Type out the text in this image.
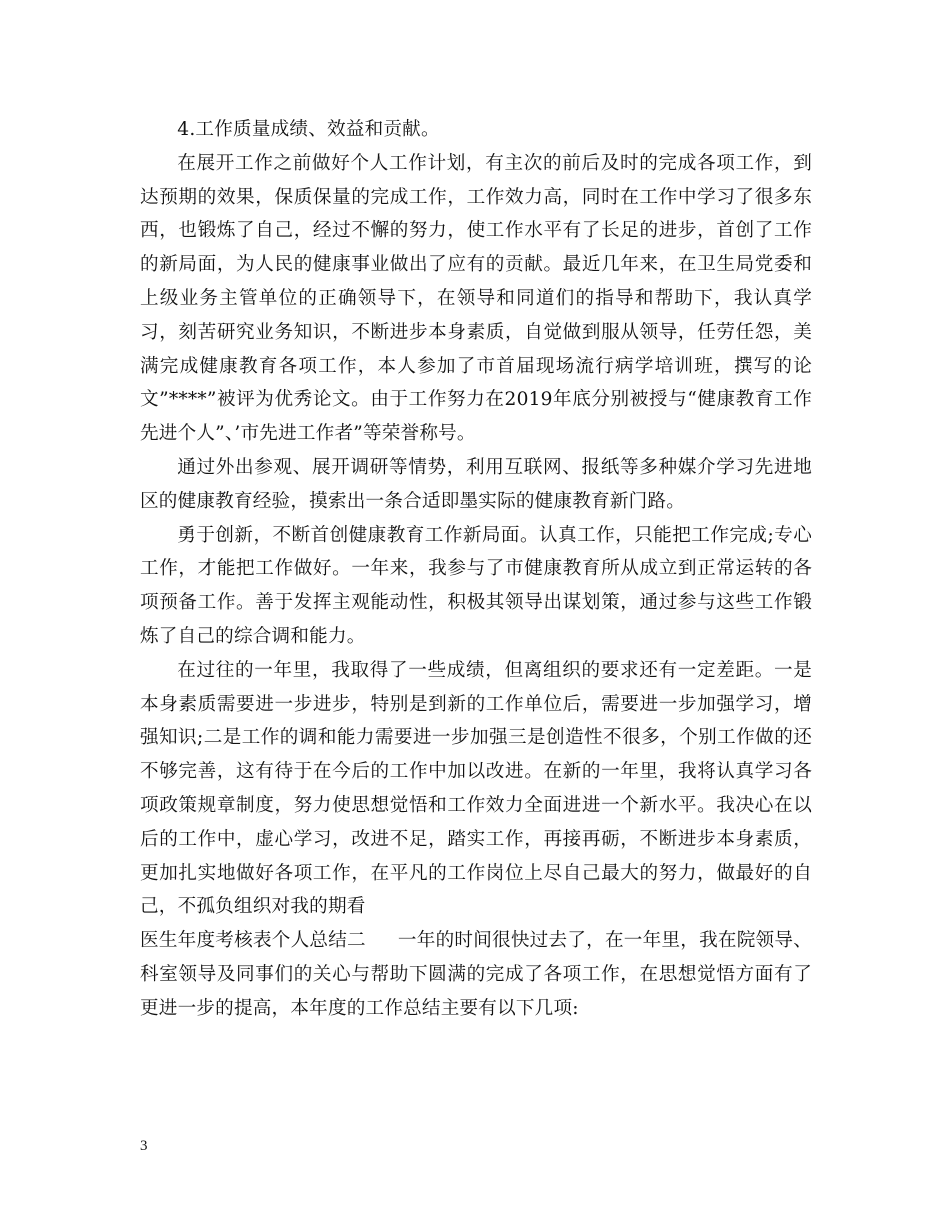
4.工作质量成绩、效益和贡献。

在展开工作之前做好个人工作计划，有主次的前后及时的完成各项工作，到达预期的效果，保质保量的完成工作，工作效力高，同时在工作中学习了很多东西，也锻炼了自己，经过不懈的努力，使工作水平有了长足的进步，首创了工作的新局面，为人民的健康事业做出了应有的贡献。最近几年来，在卫生局党委和上级业务主管单位的正确领导下，在领导和同道们的指导和帮助下，我认真学习，刻苦研究业务知识，不断进步本身素质，自觉做到服从领导，任劳任怨，美满完成健康教育各项工作，本人参加了市首届现场流行病学培训班，撰写的论文”****”被评为优秀论文。由于工作努力在2019年底分别被授与“健康教育工作先进个人”、’市先进工作者”等荣誉称号。

通过外出参观、展开调研等情势，利用互联网、报纸等多种媒介学习先进地区的健康教育经验，摸索出一条合适即墨实际的健康教育新门路。

勇于创新，不断首创健康教育工作新局面。认真工作，只能把工作完成;专心工作，才能把工作做好。一年来，我参与了市健康教育所从成立到正常运转的各项预备工作。善于发挥主观能动性，积极其领导出谋划策，通过参与这些工作锻炼了自己的综合调和能力。

在过往的一年里，我取得了一些成绩，但离组织的要求还有一定差距。一是本身素质需要进一步进步，特别是到新的工作单位后，需要进一步加强学习，增强知识;二是工作的调和能力需要进一步加强三是创造性不很多，个别工作做的还不够完善，这有待于在今后的工作中加以改进。在新的一年里，我将认真学习各项政策规章制度，努力使思想觉悟和工作效力全面进进一个新水平。我决心在以后的工作中，虚心学习，改进不足，踏实工作，再接再砺，不断进步本身素质，更加扎实地做好各项工作，在平凡的工作岗位上尽自己最大的努力，做最好的自己，不孤负组织对我的期看

医生年度考核表个人总结二 一年的时间很快过去了，在一年里，我在院领导、科室领导及同事们的关心与帮助下圆满的完成了各项工作，在思想觉悟方面有了更进一步的提高，本年度的工作总结主要有以下几项:

3
